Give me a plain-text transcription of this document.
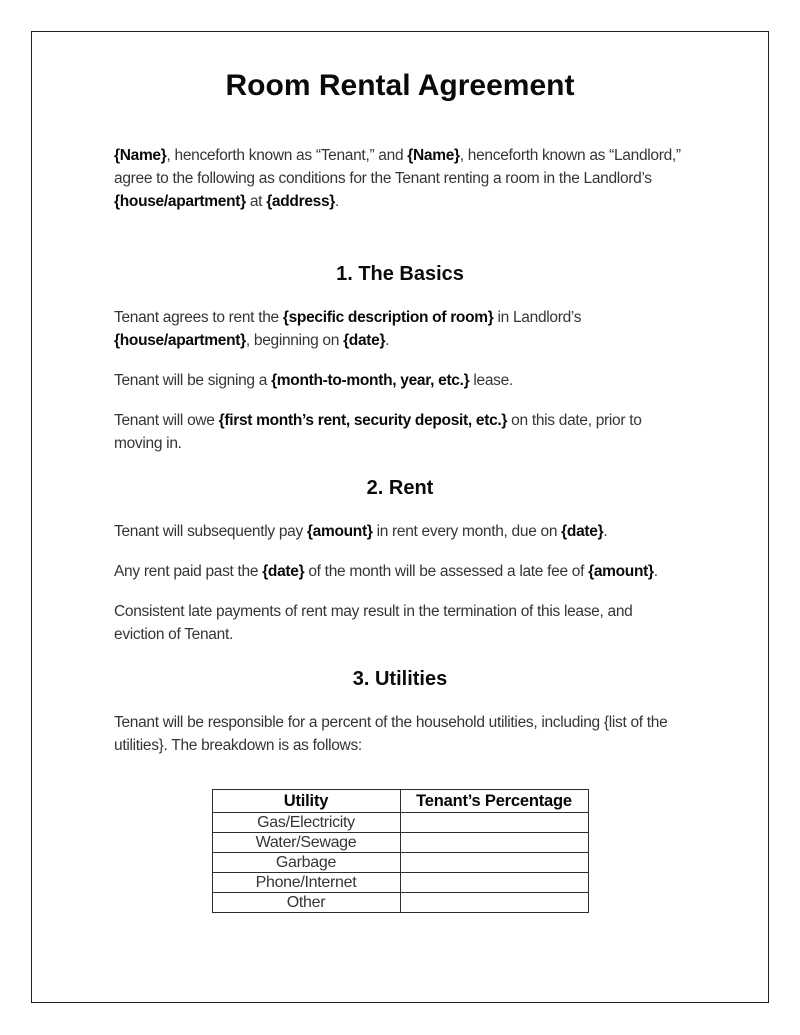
Room Rental Agreement

{Name}, henceforth known as “Tenant,” and {Name}, henceforth known as “Landlord,” agree to the following as conditions for the Tenant renting a room in the Landlord’s {house/apartment} at {address}.

1. The Basics

Tenant agrees to rent the {specific description of room} in Landlord’s {house/apartment}, beginning on {date}.

Tenant will be signing a {month-to-month, year, etc.} lease.

Tenant will owe {first month’s rent, security deposit, etc.} on this date, prior to moving in.

2. Rent

Tenant will subsequently pay {amount} in rent every month, due on {date}.

Any rent paid past the {date} of the month will be assessed a late fee of {amount}.

Consistent late payments of rent may result in the termination of this lease, and eviction of Tenant.

3. Utilities

Tenant will be responsible for a percent of the household utilities, including {list of the utilities}. The breakdown is as follows:

Utility	Tenant’s Percentage
Gas/Electricity	
Water/Sewage	
Garbage	
Phone/Internet	
Other	
